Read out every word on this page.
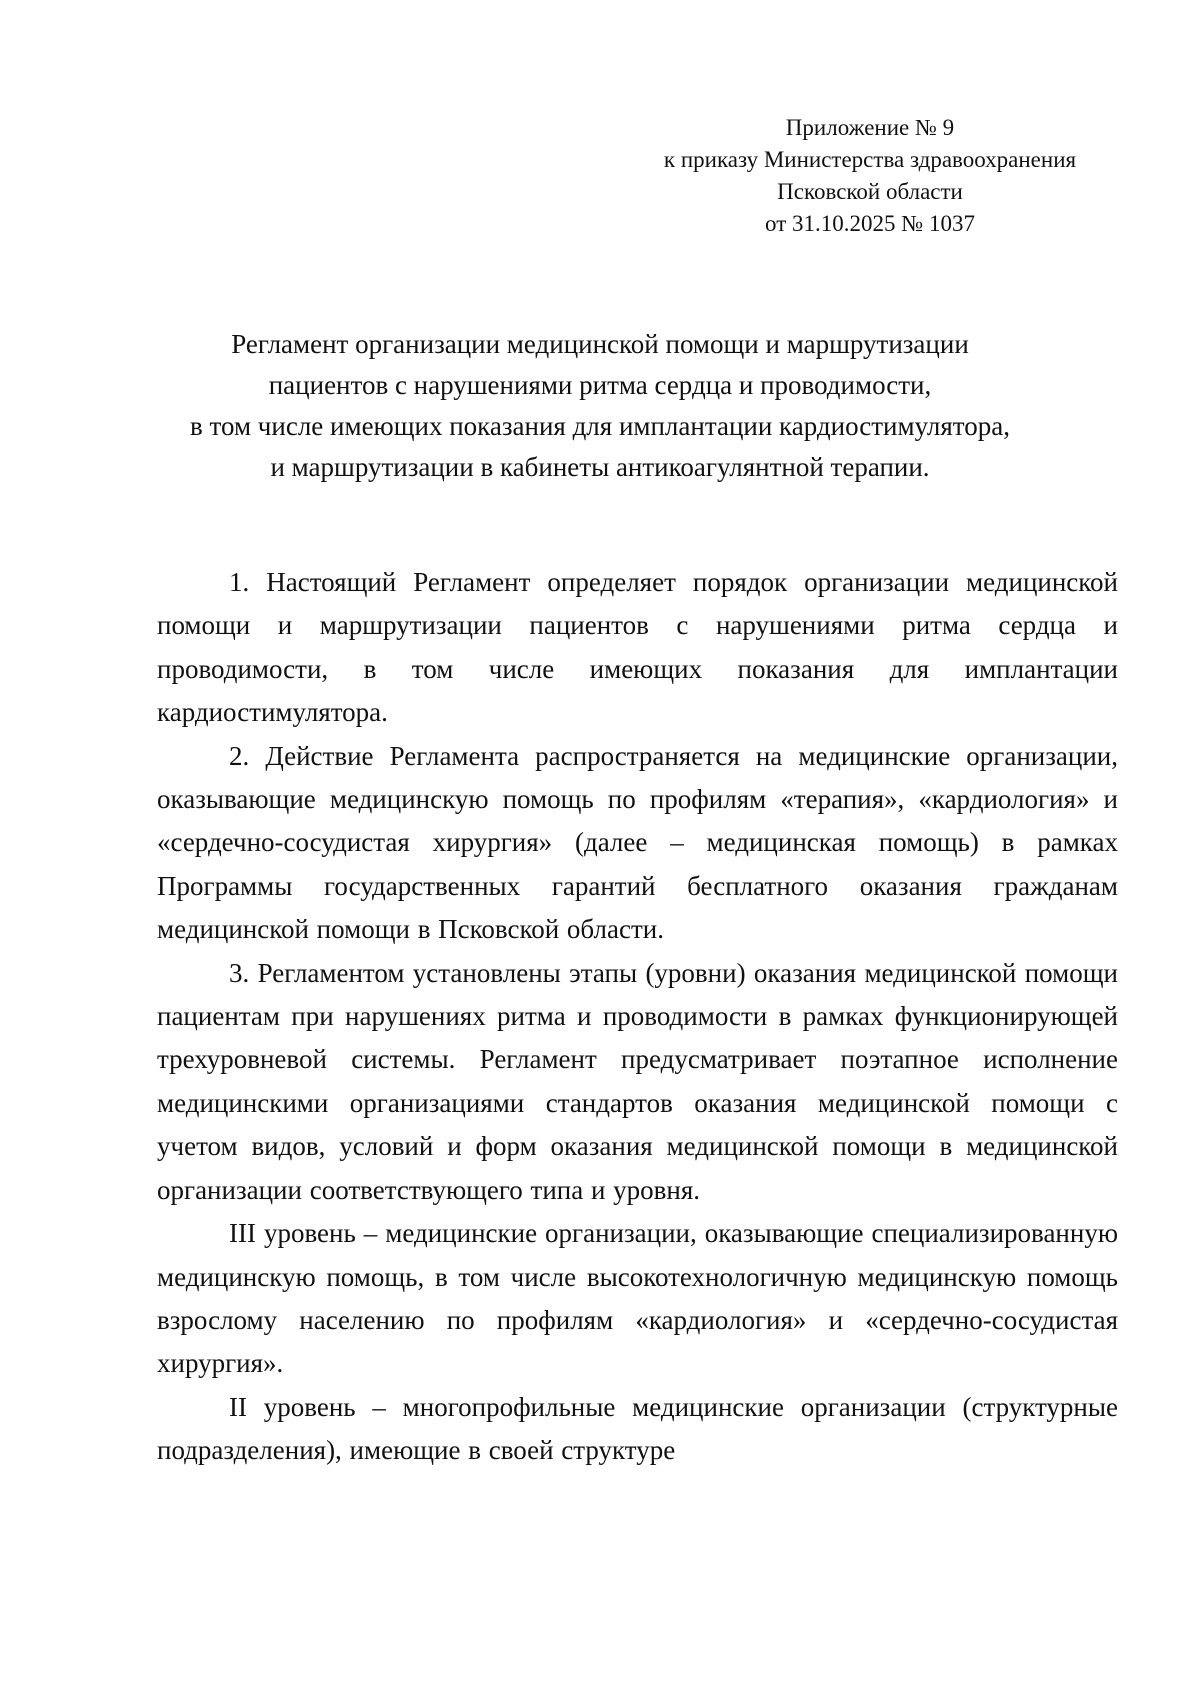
Приложение № 9
к приказу Министерства здравоохранения
Псковской области
от 31.10.2025 № 1037
Регламент организации медицинской помощи и маршрутизации
пациентов с нарушениями ритма сердца и проводимости,
в том числе имеющих показания для имплантации кардиостимулятора,
и маршрутизации в кабинеты антикоагулянтной терапии.

1. Настоящий Регламент определяет порядок организации медицинской помощи и маршрутизации пациентов с нарушениями ритма сердца и проводимости, в том числе имеющих показания для имплантации кардиостимулятора.

2. Действие Регламента распространяется на медицинские организации, оказывающие медицинскую помощь по профилям «терапия», «кардиология» и «сердечно-сосудистая хирургия» (далее – медицинская помощь) в рамках Программы государственных гарантий бесплатного оказания гражданам медицинской помощи в Псковской области.

3. Регламентом установлены этапы (уровни) оказания медицинской помощи пациентам при нарушениях ритма и проводимости в рамках функционирующей трехуровневой системы. Регламент предусматривает поэтапное исполнение медицинскими организациями стандартов оказания медицинской помощи с учетом видов, условий и форм оказания медицинской помощи в медицинской организации соответствующего типа и уровня.

III уровень – медицинские организации, оказывающие специализированную медицинскую помощь, в том числе высокотехнологичную медицинскую помощь взрослому населению по профилям «кардиология» и «сердечно-сосудистая хирургия».

II уровень – многопрофильные медицинские организации (структурные подразделения), имеющие в своей структуре
